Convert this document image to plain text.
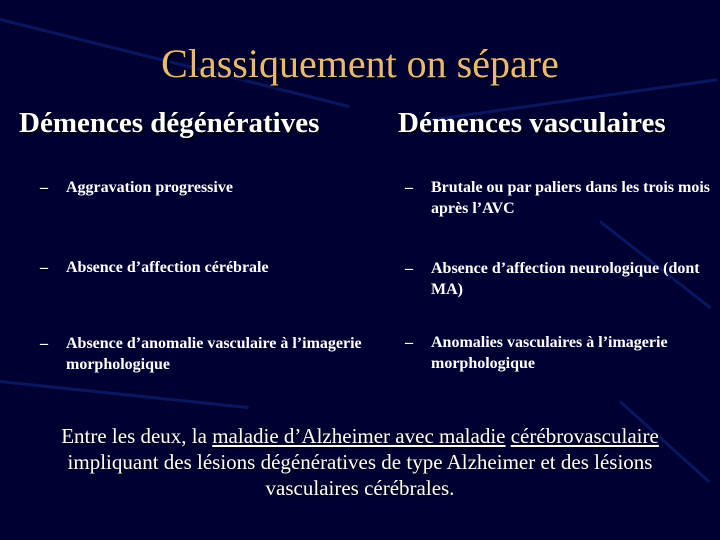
Classiquement on sépare
Démences dégénératives	Démences vasculaires
– Aggravation progressive
– Absence d’affection cérébrale
– Absence d’anomalie vasculaire à l’imagerie morphologique
– Brutale ou par paliers dans les trois mois après l’AVC
– Absence d’affection neurologique (dont MA)
– Anomalies vasculaires à l’imagerie morphologique
Entre les deux, la maladie d’Alzheimer avec maladie cérébrovasculaire impliquant des lésions dégénératives de type Alzheimer et des lésions vasculaires cérébrales.
